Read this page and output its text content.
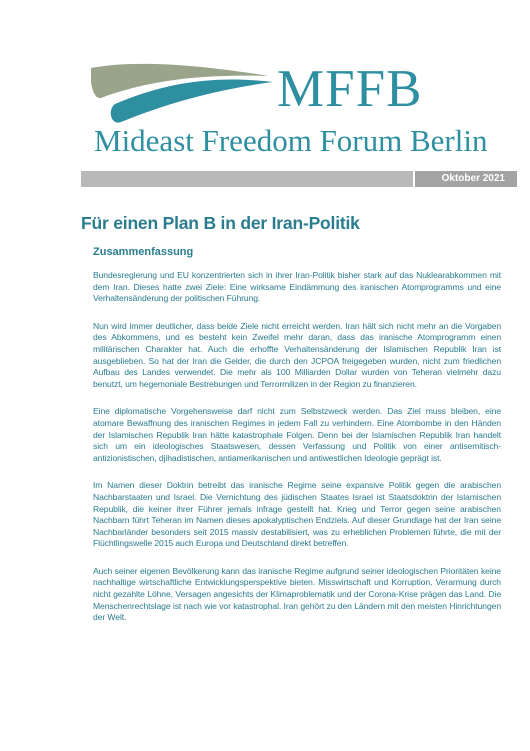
MFFB

Mideast Freedom Forum Berlin

Oktober 2021
Für einen Plan B in der Iran-Politik
Zusammenfassung

Bundesregierung und EU konzentrierten sich in ihrer Iran-Politik bisher stark auf das Nuklearabkommen mit dem Iran. Dieses hatte zwei Ziele: Eine wirksame Eindämmung des iranischen Atomprogramms und eine Verhaltensänderung der politischen Führung.

Nun wird immer deutlicher, dass beide Ziele nicht erreicht werden. Iran hält sich nicht mehr an die Vorgaben des Abkommens, und es besteht kein Zweifel mehr daran, dass das iranische Atomprogramm einen militärischen Charakter hat. Auch die erhoffte Verhaltensänderung der Islamischen Republik Iran ist ausgeblieben. So hat der Iran die Gelder, die durch den JCPOA freigegeben wurden, nicht zum friedlichen Aufbau des Landes verwendet. Die mehr als 100 Milliarden Dollar wurden von Teheran vielmehr dazu benutzt, um hegemoniale Bestrebungen und Terrormilizen in der Region zu finanzieren.

Eine diplomatische Vorgehensweise darf nicht zum Selbstzweck werden. Das Ziel muss bleiben, eine atomare Bewaffnung des iranischen Regimes in jedem Fall zu verhindern. Eine Atombombe in den Händen der Islamischen Republik Iran hätte katastrophale Folgen. Denn bei der Islamischen Republik Iran handelt sich um ein ideologisches Staatswesen, dessen Verfassung und Politik von einer antisemitisch-antizionistischen, djihadistischen, antiamerikanischen und antiwestlichen Ideologie geprägt ist.

Im Namen dieser Doktrin betreibt das iranische Regime seine expansive Politik gegen die arabischen Nachbarstaaten und Israel. Die Vernichtung des jüdischen Staates Israel ist Staatsdoktrin der Islamischen Republik, die keiner ihrer Führer jemals infrage gestellt hat. Krieg und Terror gegen seine arabischen Nachbarn führt Teheran im Namen dieses apokalyptischen Endziels. Auf dieser Grundlage hat der Iran seine Nachbarländer besonders seit 2015 massiv destabilisiert, was zu erheblichen Problemen führte, die mit der Flüchtlingswelle 2015 auch Europa und Deutschland direkt betreffen.

Auch seiner eigenen Bevölkerung kann das iranische Regime aufgrund seiner ideologischen Prioritäten keine nachhaltige wirtschaftliche Entwicklungsperspektive bieten. Misswirtschaft und Korruption, Verarmung durch nicht gezahlte Löhne, Versagen angesichts der Klimaproblematik und der Corona-Krise prägen das Land. Die Menschenrechtslage ist nach wie vor katastrophal. Iran gehört zu den Ländern mit den meisten Hinrichtungen der Welt.
